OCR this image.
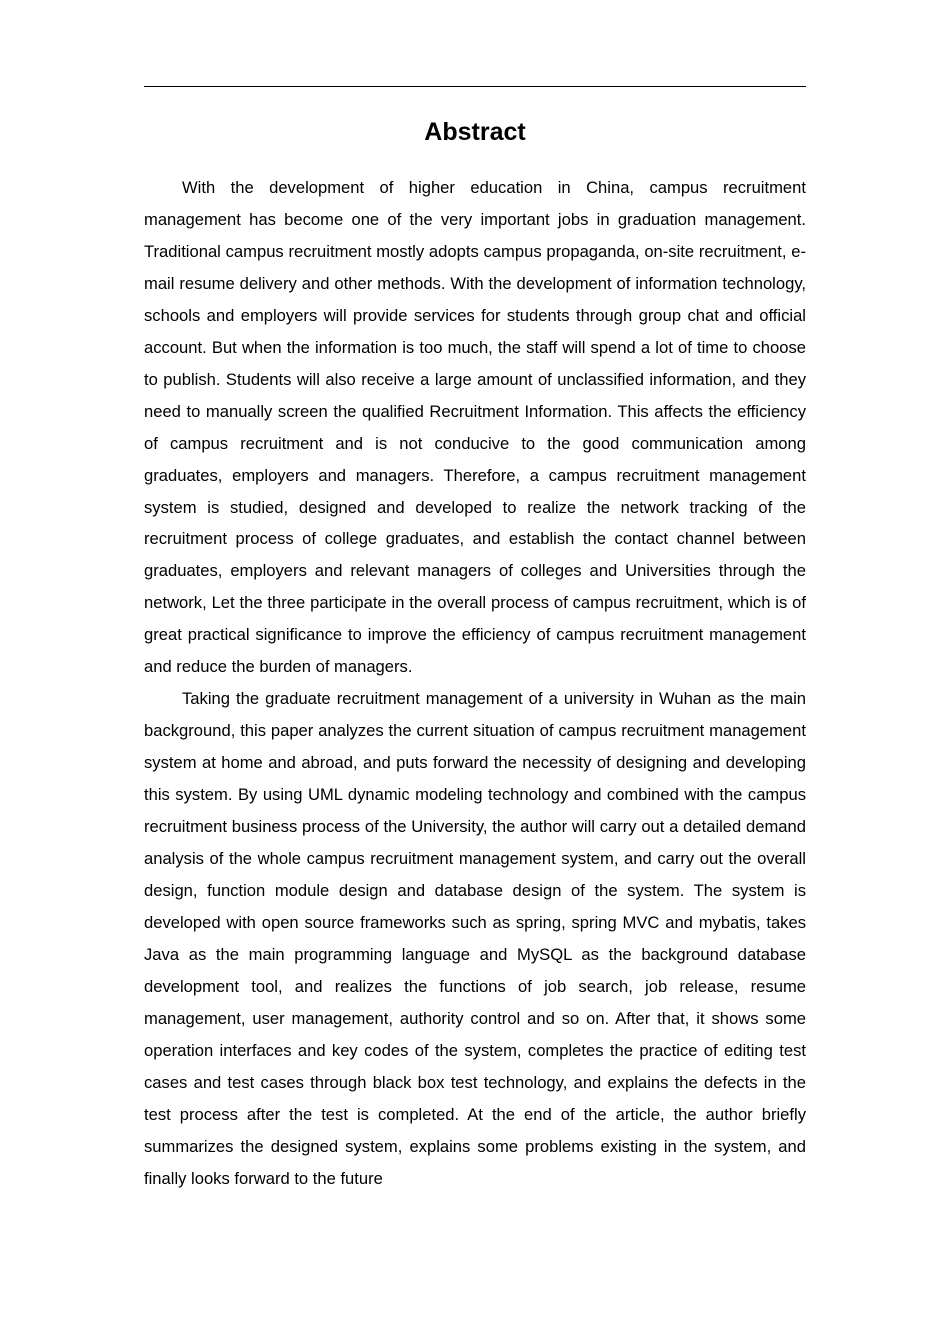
Abstract

With the development of higher education in China, campus recruitment management has become one of the very important jobs in graduation management. Traditional campus recruitment mostly adopts campus propaganda, on-site recruitment, e-mail resume delivery and other methods. With the development of information technology, schools and employers will provide services for students through group chat and official account. But when the information is too much, the staff will spend a lot of time to choose to publish. Students will also receive a large amount of unclassified information, and they need to manually screen the qualified Recruitment Information. This affects the efficiency of campus recruitment and is not conducive to the good communication among graduates, employers and managers. Therefore, a campus recruitment management system is studied, designed and developed to realize the network tracking of the recruitment process of college graduates, and establish the contact channel between graduates, employers and relevant managers of colleges and Universities through the network, Let the three participate in the overall process of campus recruitment, which is of great practical significance to improve the efficiency of campus recruitment management and reduce the burden of managers.

Taking the graduate recruitment management of a university in Wuhan as the main background, this paper analyzes the current situation of campus recruitment management system at home and abroad, and puts forward the necessity of designing and developing this system. By using UML dynamic modeling technology and combined with the campus recruitment business process of the University, the author will carry out a detailed demand analysis of the whole campus recruitment management system, and carry out the overall design, function module design and database design of the system. The system is developed with open source frameworks such as spring, spring MVC and mybatis, takes Java as the main programming language and MySQL as the background database development tool, and realizes the functions of job search, job release, resume management, user management, authority control and so on. After that, it shows some operation interfaces and key codes of the system, completes the practice of editing test cases and test cases through black box test technology, and explains the defects in the test process after the test is completed. At the end of the article, the author briefly summarizes the designed system, explains some problems existing in the system, and finally looks forward to the future
